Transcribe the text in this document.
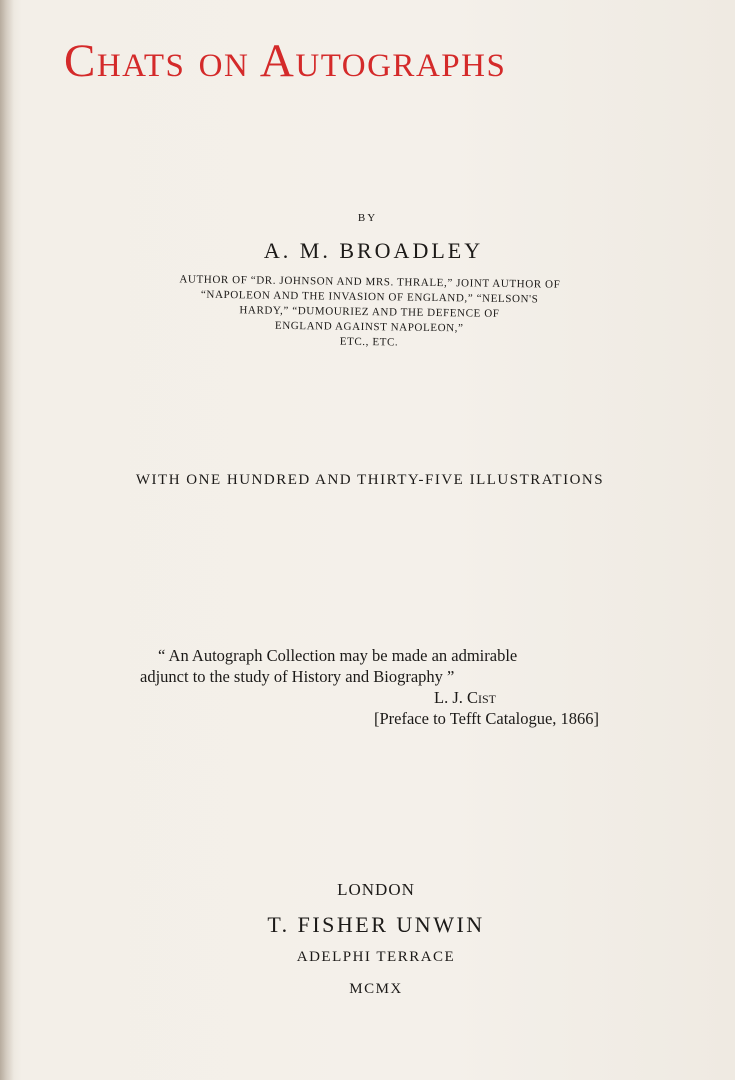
Chats on Autographs
BY
A. M. BROADLEY
AUTHOR OF “DR. JOHNSON AND MRS. THRALE,” JOINT AUTHOR OF
“NAPOLEON AND THE INVASION OF ENGLAND,” “NELSON'S
HARDY,” “DUMOURIEZ AND THE DEFENCE OF
ENGLAND AGAINST NAPOLEON,”
ETC., ETC.
WITH ONE HUNDRED AND THIRTY-FIVE ILLUSTRATIONS
“ An Autograph Collection may be made an admirable
adjunct to the study of History and Biography ”
L. J. Cist
[Preface to Tefft Catalogue, 1866]
LONDON
T. FISHER UNWIN
ADELPHI TERRACE
MCMX
